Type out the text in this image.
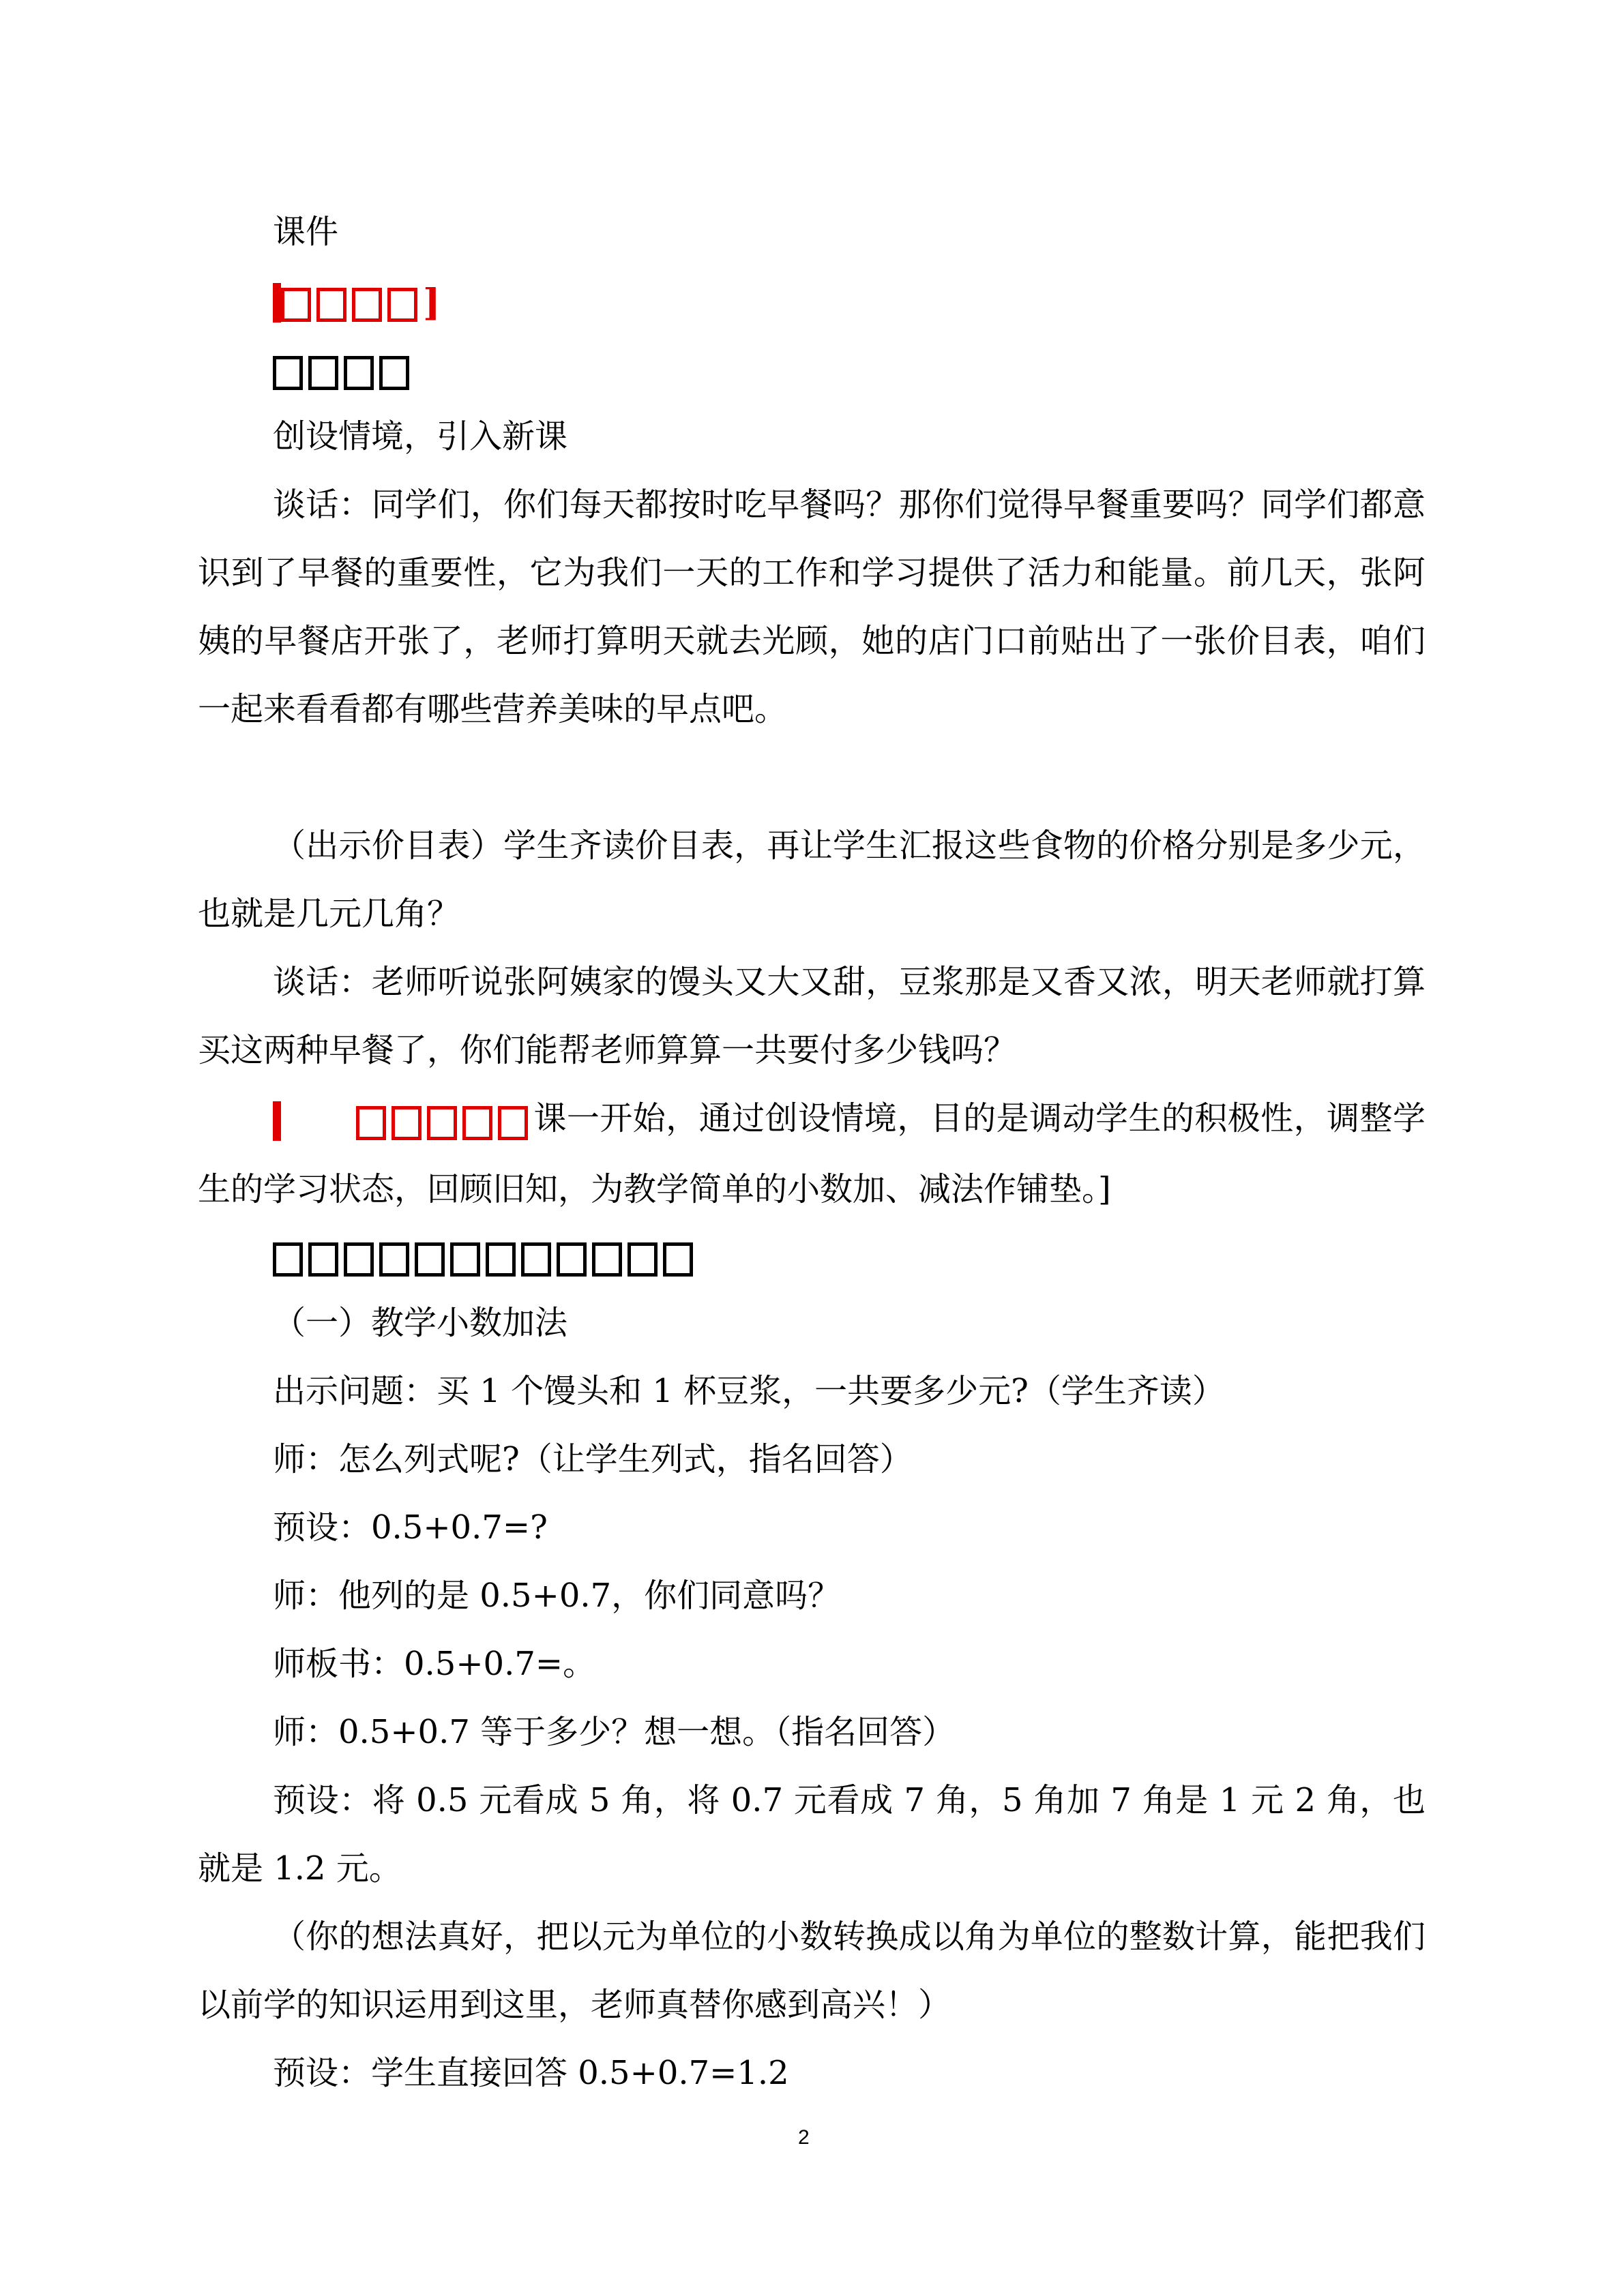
课件
]
创设情境，引入新课

谈话：同学们，你们每天都按时吃早餐吗？那你们觉得早餐重要吗？同学们都意识到了早餐的重要性，它为我们一天的工作和学习提供了活力和能量。前几天，张阿姨的早餐店开张了，老师打算明天就去光顾，她的店门口前贴出了一张价目表，咱们一起来看看都有哪些营养美味的早点吧。

（出示价目表）学生齐读价目表，再让学生汇报这些食物的价格分别是多少元，也就是几元几角？

谈话：老师听说张阿姨家的馒头又大又甜，豆浆那是又香又浓，明天老师就打算买这两种早餐了，你们能帮老师算算一共要付多少钱吗？

课一开始，通过创设情境，目的是调动学生的积极性，调整学生的学习状态，回顾旧知，为教学简单的小数加、减法作铺垫。]

（一）教学小数加法
出示问题：买 1 个馒头和 1 杯豆浆，一共要多少元?（学生齐读）
师：怎么列式呢?（让学生列式，指名回答）
预设：0.5+0.7=?
师：他列的是 0.5+0.7，你们同意吗？
师板书：0.5+0.7=。
师：0.5+0.7 等于多少？想一想。（指名回答）

预设：将 0.5 元看成 5 角，将 0.7 元看成 7 角，5 角加 7 角是 1 元 2 角，也就是 1.2 元。

（你的想法真好，把以元为单位的小数转换成以角为单位的整数计算，能把我们以前学的知识运用到这里，老师真替你感到高兴！）

预设：学生直接回答 0.5+0.7=1.2
2
